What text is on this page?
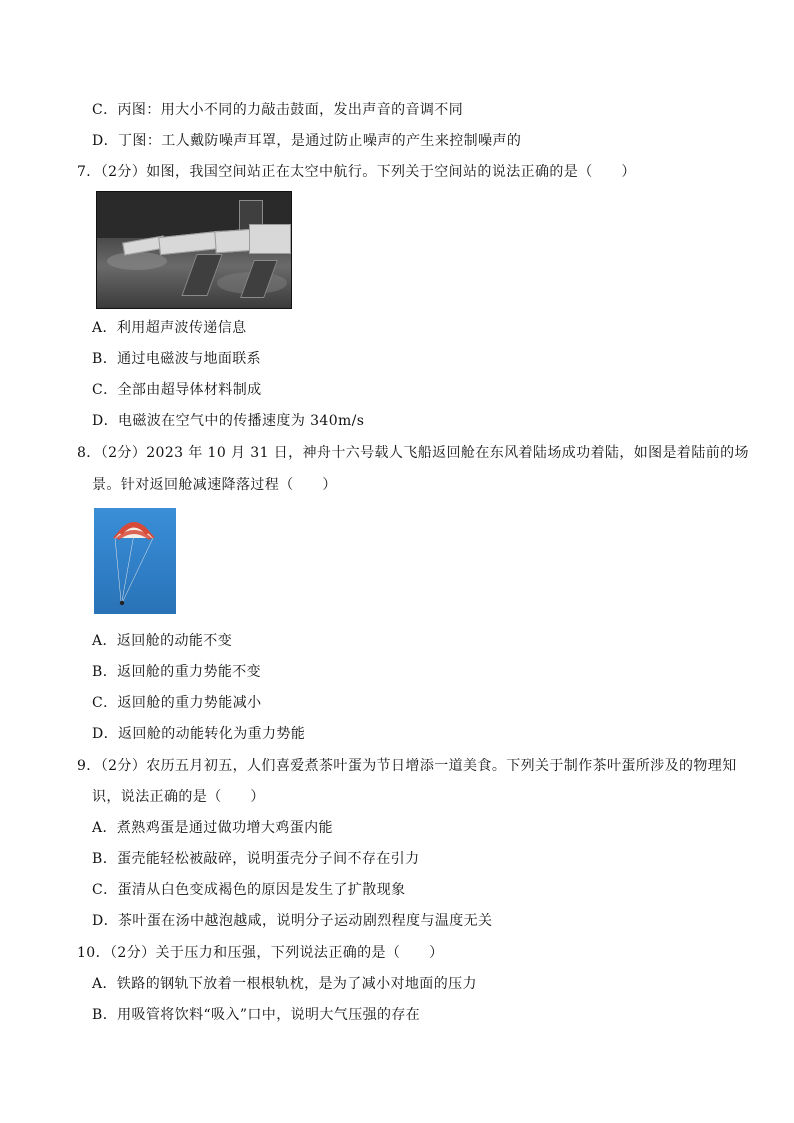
C．丙图：用大小不同的力敲击鼓面，发出声音的音调不同
D．丁图：工人戴防噪声耳罩，是通过防止噪声的产生来控制噪声的
7．（2分）如图，我国空间站正在太空中航行。下列关于空间站的说法正确的是（　　）
A．利用超声波传递信息
B．通过电磁波与地面联系
C．全部由超导体材料制成
D．电磁波在空气中的传播速度为 340m/s
8．（2分）2023 年 10 月 31 日，神舟十六号载人飞船返回舱在东风着陆场成功着陆，如图是着陆前的场
景。针对返回舱减速降落过程（　　）
A．返回舱的动能不变
B．返回舱的重力势能不变
C．返回舱的重力势能减小
D．返回舱的动能转化为重力势能
9．（2分）农历五月初五，人们喜爱煮茶叶蛋为节日增添一道美食。下列关于制作茶叶蛋所涉及的物理知
识，说法正确的是（　　）
A．煮熟鸡蛋是通过做功增大鸡蛋内能
B．蛋壳能轻松被敲碎，说明蛋壳分子间不存在引力
C．蛋清从白色变成褐色的原因是发生了扩散现象
D．茶叶蛋在汤中越泡越咸，说明分子运动剧烈程度与温度无关
10．（2分）关于压力和压强，下列说法正确的是（　　）
A．铁路的钢轨下放着一根根轨枕，是为了减小对地面的压力
B．用吸管将饮料“吸入”口中，说明大气压强的存在
